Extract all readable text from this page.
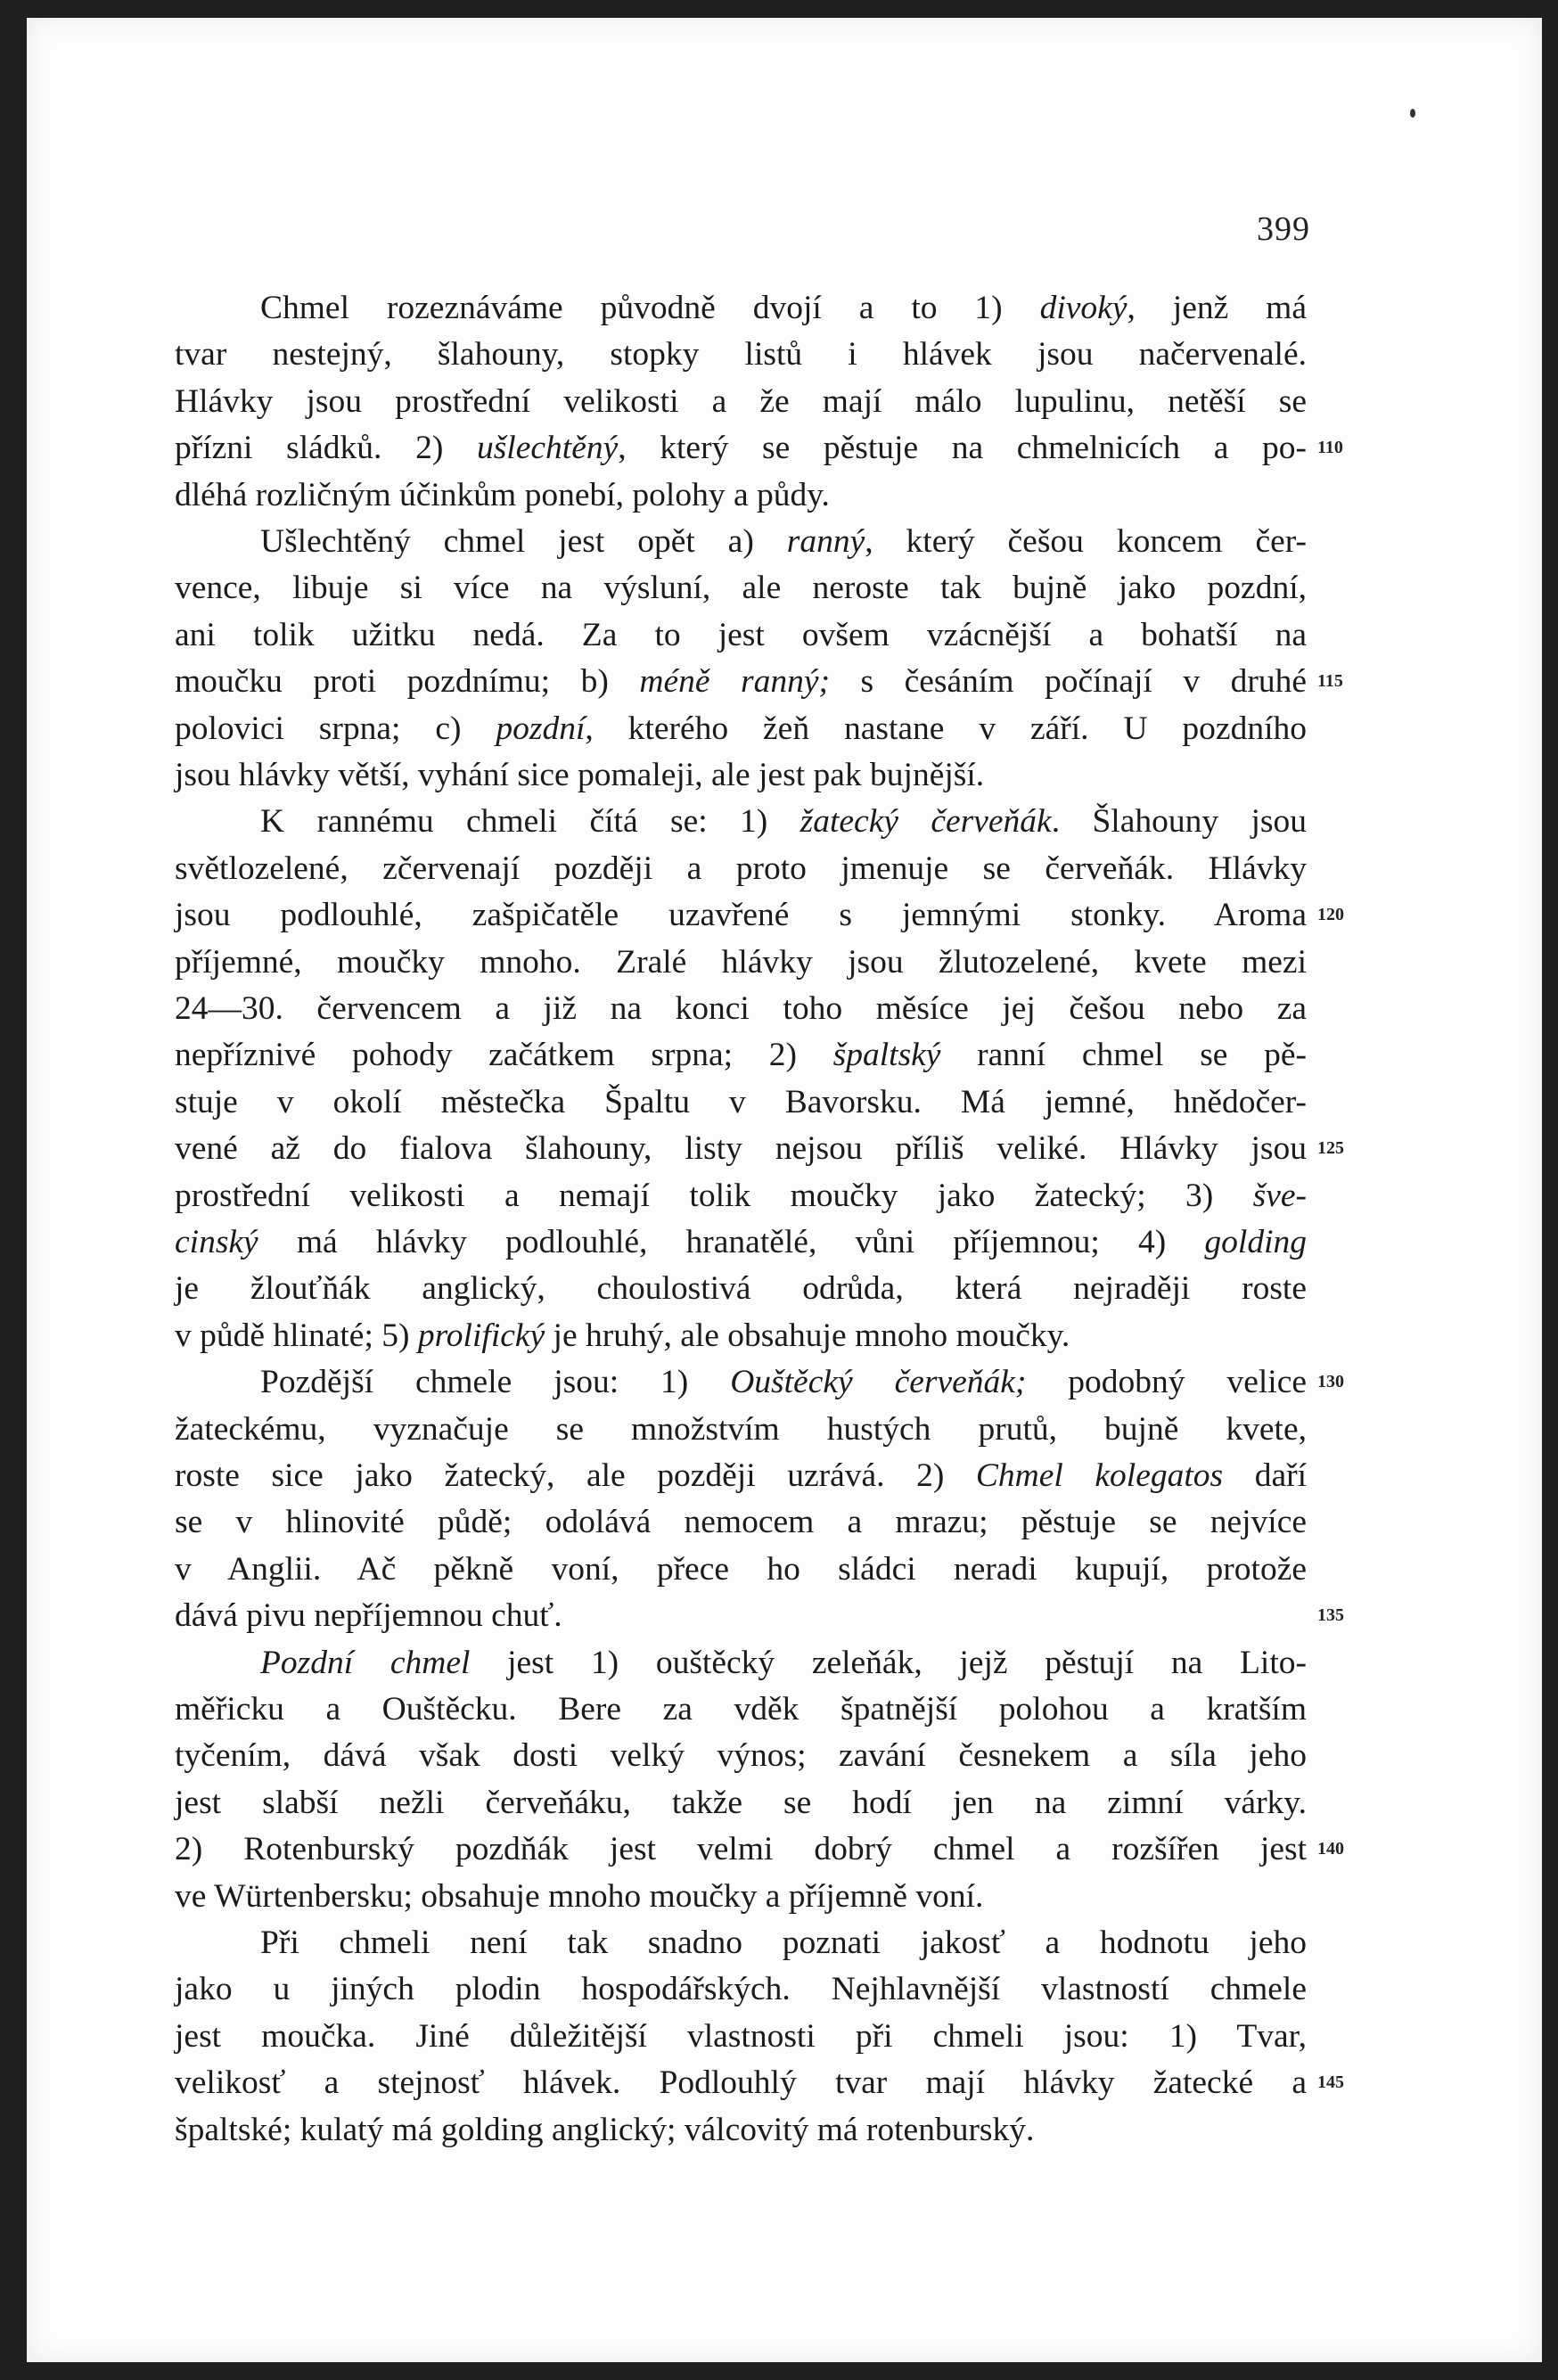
399
Chmel rozeznáváme původně dvojí a to 1) divoký, jenž má
tvar nestejný, šlahouny, stopky listů i hlávek jsou načervenalé.
Hlávky jsou prostřední velikosti a že mají málo lupulinu, netěší se
přízni sládků. 2) ušlechtěný, který se pěstuje na chmelnicích a po-
dléhá rozličným účinkům ponebí, polohy a půdy.
Ušlechtěný chmel jest opět a) ranný, který češou koncem čer-
vence, libuje si více na výsluní, ale neroste tak bujně jako pozdní,
ani tolik užitku nedá. Za to jest ovšem vzácnější a bohatší na
moučku proti pozdnímu; b) méně ranný; s česáním počínají v druhé
polovici srpna; c) pozdní, kterého žeň nastane v září. U pozdního
jsou hlávky větší, vyhání sice pomaleji, ale jest pak bujnější.
K rannému chmeli čítá se: 1) žatecký červeňák. Šlahouny jsou
světlozelené, zčervenají později a proto jmenuje se červeňák. Hlávky
jsou podlouhlé, zašpičatěle uzavřené s jemnými stonky. Aroma
příjemné, moučky mnoho. Zralé hlávky jsou žlutozelené, kvete mezi
24—30. červencem a již na konci toho měsíce jej češou nebo za
nepříznivé pohody začátkem srpna; 2) špaltský ranní chmel se pě-
stuje v okolí městečka Špaltu v Bavorsku. Má jemné, hnědočer-
vené až do fialova šlahouny, listy nejsou příliš veliké. Hlávky jsou
prostřední velikosti a nemají tolik moučky jako žatecký; 3) šve-
cinský má hlávky podlouhlé, hranatělé, vůni příjemnou; 4) golding
je žlouťňák anglický, choulostivá odrůda, která nejraději roste
v půdě hlinaté; 5) prolifický je hruhý, ale obsahuje mnoho moučky.
Pozdější chmele jsou: 1) Ouštěcký červeňák; podobný velice
žateckému, vyznačuje se množstvím hustých prutů, bujně kvete,
roste sice jako žatecký, ale později uzrává. 2) Chmel kolegatos daří
se v hlinovité půdě; odolává nemocem a mrazu; pěstuje se nejvíce
v Anglii. Ač pěkně voní, přece ho sládci neradi kupují, protože
dává pivu nepříjemnou chuť.
Pozdní chmel jest 1) ouštěcký zeleňák, jejž pěstují na Lito-
měřicku a Ouštěcku. Bere za vděk špatnější polohou a kratším
tyčením, dává však dosti velký výnos; zavání česnekem a síla jeho
jest slabší nežli červeňáku, takže se hodí jen na zimní várky.
2) Rotenburský pozdňák jest velmi dobrý chmel a rozšířen jest
ve Würtenbersku; obsahuje mnoho moučky a příjemně voní.
Při chmeli není tak snadno poznati jakosť a hodnotu jeho
jako u jiných plodin hospodářských. Nejhlavnější vlastností chmele
jest moučka. Jiné důležitější vlastnosti při chmeli jsou: 1) Tvar,
velikosť a stejnosť hlávek. Podlouhlý tvar mají hlávky žatecké a
špaltské; kulatý má golding anglický; válcovitý má rotenburský.
110
115
120
125
130
135
140
145
